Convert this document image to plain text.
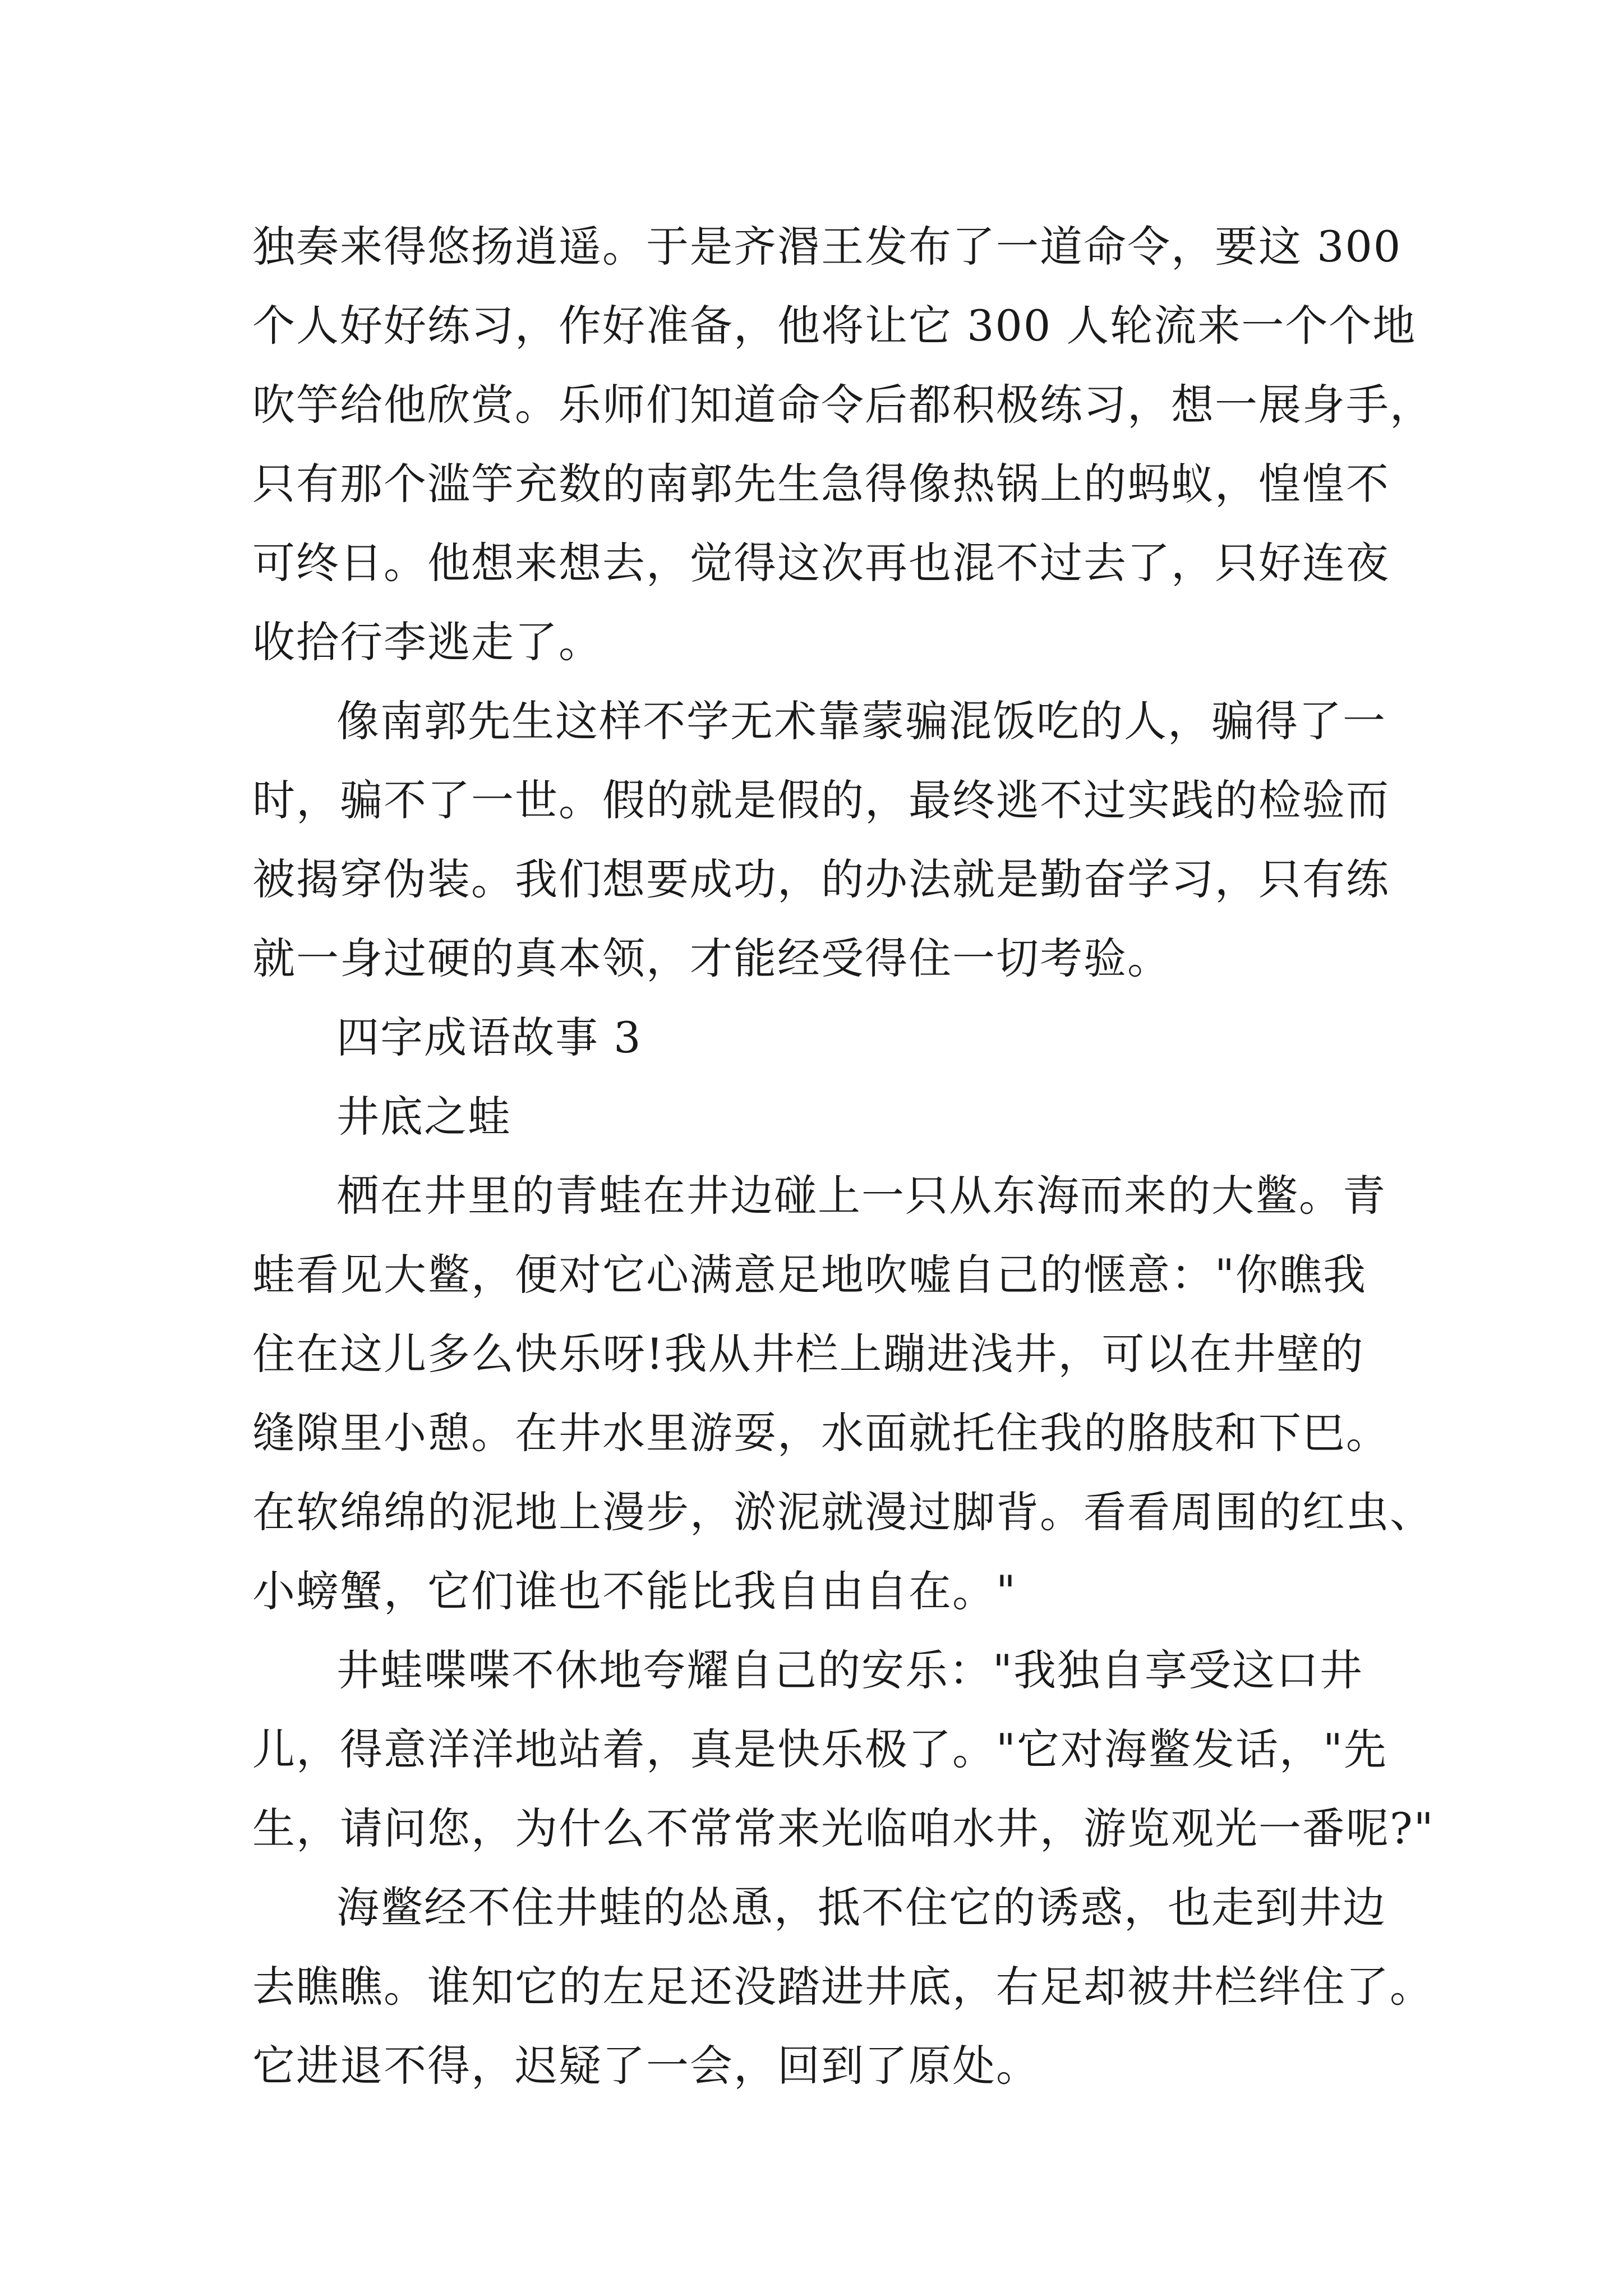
独奏来得悠扬逍遥。于是齐湣王发布了一道命令，要这 300
个人好好练习，作好准备，他将让它 300 人轮流来一个个地
吹竽给他欣赏。乐师们知道命令后都积极练习，想一展身手，
只有那个滥竽充数的南郭先生急得像热锅上的蚂蚁，惶惶不
可终日。他想来想去，觉得这次再也混不过去了，只好连夜
收拾行李逃走了。
像南郭先生这样不学无术靠蒙骗混饭吃的人，骗得了一
时，骗不了一世。假的就是假的，最终逃不过实践的检验而
被揭穿伪装。我们想要成功，的办法就是勤奋学习，只有练
就一身过硬的真本领，才能经受得住一切考验。
四字成语故事 3
井底之蛙
栖在井里的青蛙在井边碰上一只从东海而来的大鳖。青
蛙看见大鳖，便对它心满意足地吹嘘自己的惬意："你瞧我
住在这儿多么快乐呀!我从井栏上蹦进浅井，可以在井壁的
缝隙里小憩。在井水里游耍，水面就托住我的胳肢和下巴。
在软绵绵的泥地上漫步，淤泥就漫过脚背。看看周围的红虫、
小螃蟹，它们谁也不能比我自由自在。"
井蛙喋喋不休地夸耀自己的安乐："我独自享受这口井
儿，得意洋洋地站着，真是快乐极了。"它对海鳖发话，"先
生，请问您，为什么不常常来光临咱水井，游览观光一番呢?"
海鳖经不住井蛙的怂恿，抵不住它的诱惑，也走到井边
去瞧瞧。谁知它的左足还没踏进井底，右足却被井栏绊住了。
它进退不得，迟疑了一会，回到了原处。
